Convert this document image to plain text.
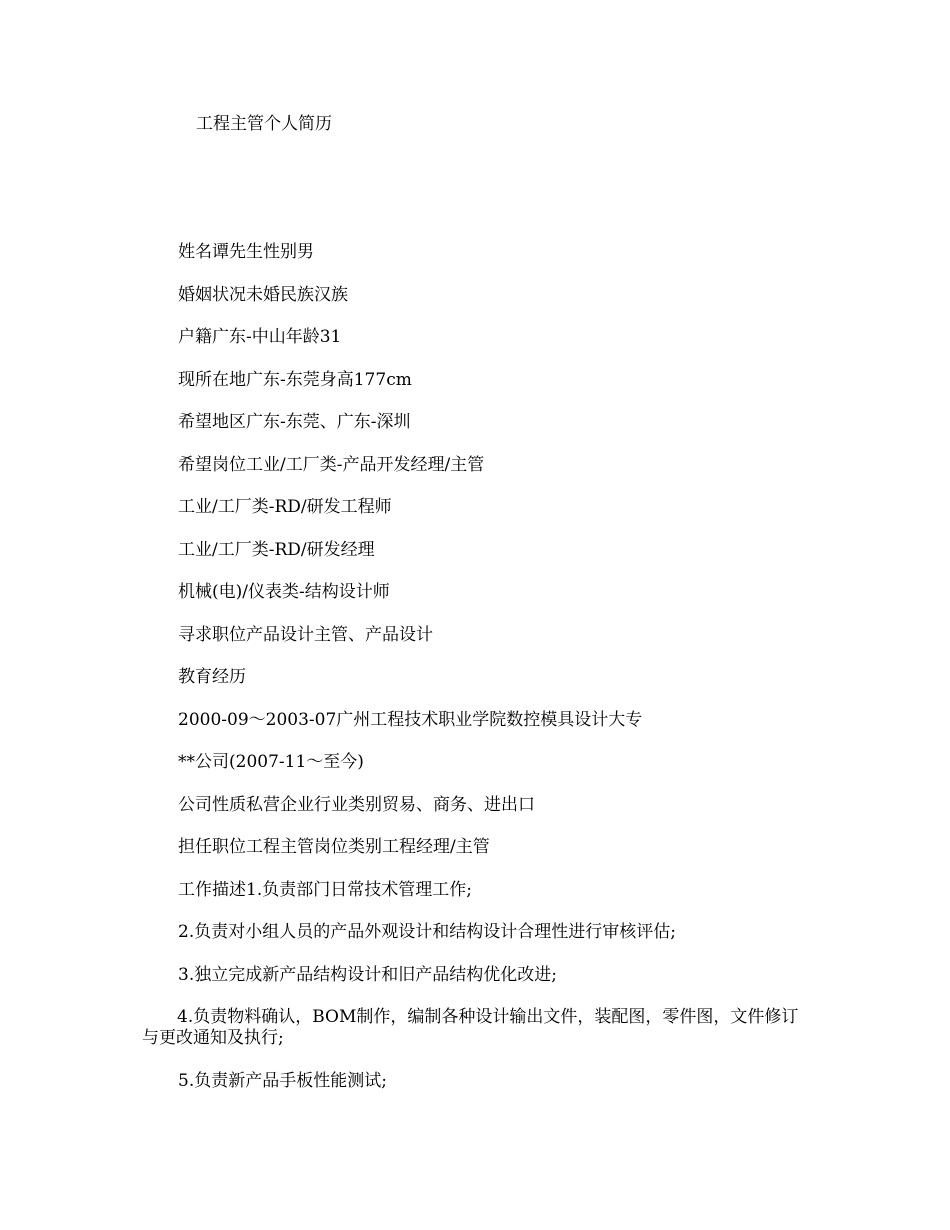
工程主管个人简历
姓名谭先生性别男
婚姻状况未婚民族汉族
户籍广东-中山年龄31
现所在地广东-东莞身高177cm
希望地区广东-东莞、广东-深圳
希望岗位工业/工厂类-产品开发经理/主管
工业/工厂类-RD/研发工程师
工业/工厂类-RD/研发经理
机械(电)/仪表类-结构设计师
寻求职位产品设计主管、产品设计
教育经历
2000-09～2003-07广州工程技术职业学院数控模具设计大专
**公司(2007-11～至今)
公司性质私营企业行业类别贸易、商务、进出口
担任职位工程主管岗位类别工程经理/主管
工作描述1.负责部门日常技术管理工作;
2.负责对小组人员的产品外观设计和结构设计合理性进行审核评估;
3.独立完成新产品结构设计和旧产品结构优化改进;
4.负责物料确认，BOM制作，编制各种设计输出文件，装配图，零件图，文件修订与更改通知及执行;
5.负责新产品手板性能测试;
